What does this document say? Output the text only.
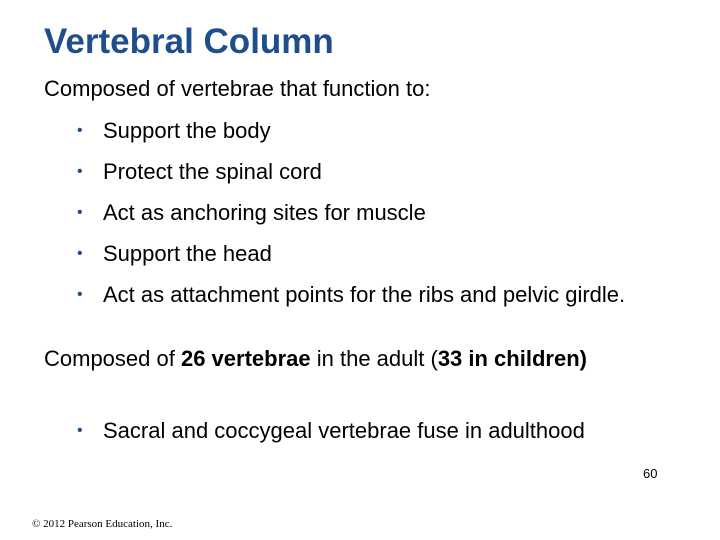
Vertebral Column
Composed of vertebrae that function to:
• Support the body
• Protect the spinal cord
• Act as anchoring sites for muscle
• Support the head
• Act as attachment points for the ribs and pelvic girdle.
Composed of 26 vertebrae in the adult (33 in children)
• Sacral and coccygeal vertebrae fuse in adulthood
60
© 2012 Pearson Education, Inc.
